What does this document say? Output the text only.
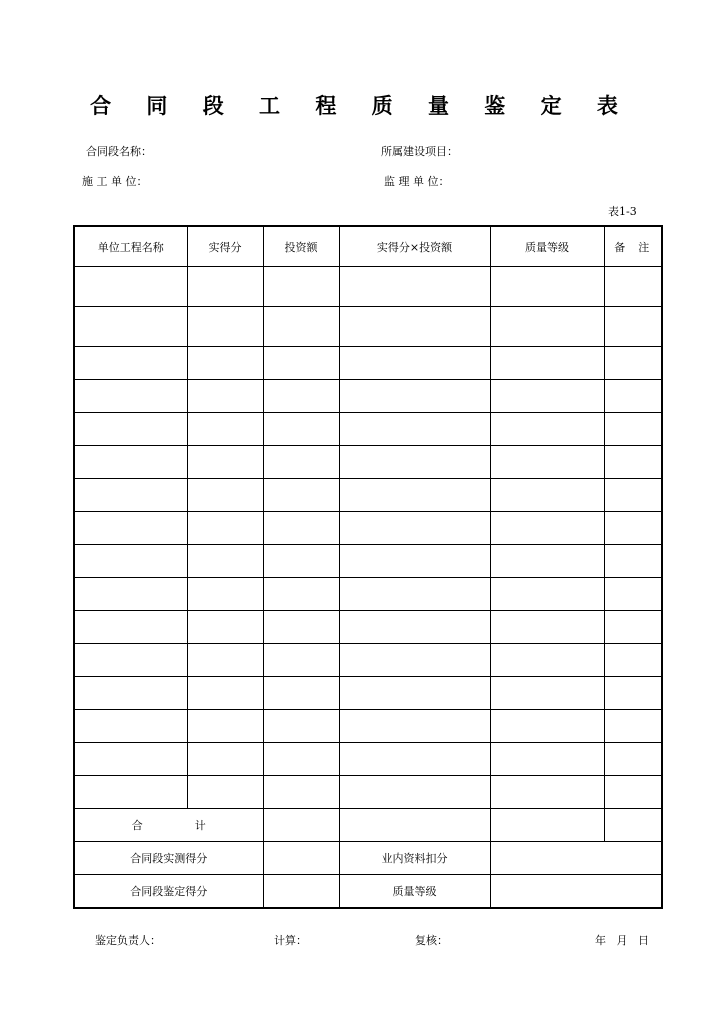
合 同 段 工 程 质 量 鉴 定 表
合同段名称：	所属建设项目：
施 工 单 位：	监 理 单 位：
表1-3
单位工程名称	实得分	投资额	实得分×投资额	质量等级	备  注

合 计					

合同段实测得分			业内资料扣分		
合同段鉴定得分			质量等级		
鉴定负责人：	计算：	复核：	年   月   日
